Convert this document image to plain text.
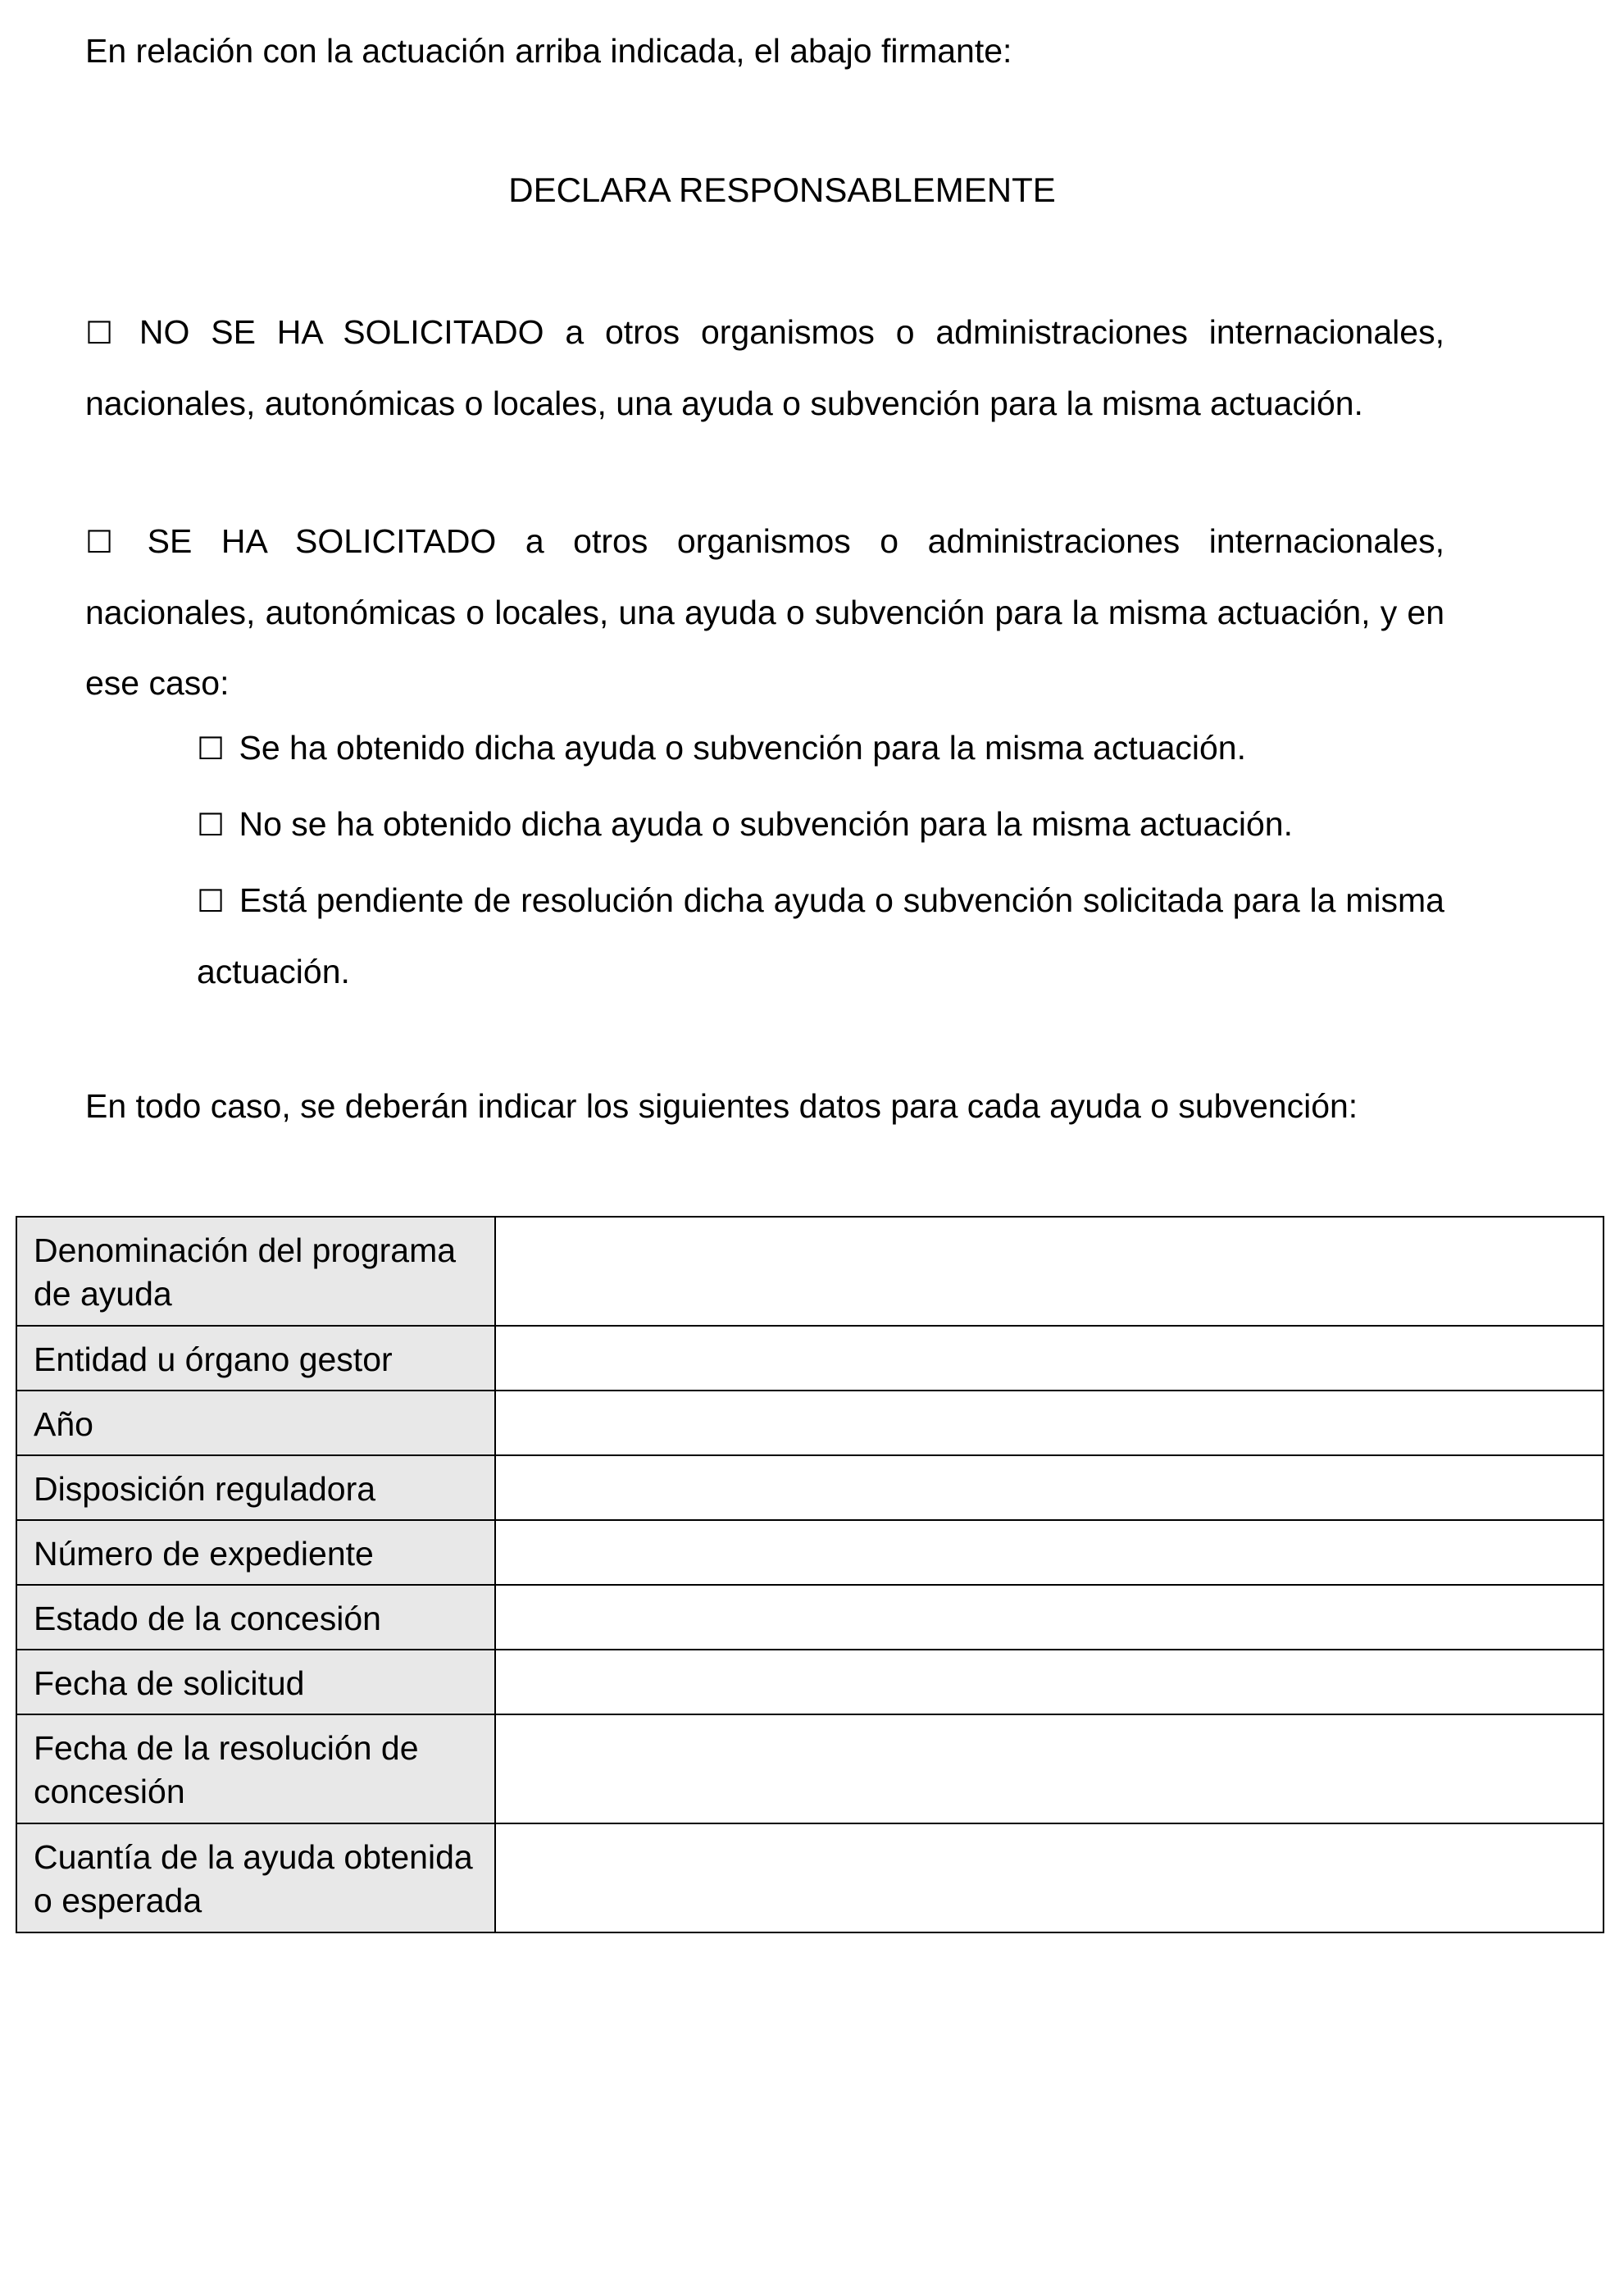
En relación con la actuación arriba indicada, el abajo firmante:

DECLARA RESPONSABLEMENTE

☐ NO SE HA SOLICITADO a otros organismos o administraciones internacionales, nacionales, autonómicas o locales, una ayuda o subvención para la misma actuación.

☐ SE HA SOLICITADO a otros organismos o administraciones internacionales, nacionales, autonómicas o locales, una ayuda o subvención para la misma actuación, y en ese caso:

☐ Se ha obtenido dicha ayuda o subvención para la misma actuación.

☐ No se ha obtenido dicha ayuda o subvención para la misma actuación.

☐ Está pendiente de resolución dicha ayuda o subvención solicitada para la misma actuación.

En todo caso, se deberán indicar los siguientes datos para cada ayuda o subvención:

Denominación del programa de ayuda	
Entidad u órgano gestor	
Año	
Disposición reguladora	
Número de expediente	
Estado de la concesión	
Fecha de solicitud	
Fecha de la resolución de concesión	
Cuantía de la ayuda obtenida o esperada	
